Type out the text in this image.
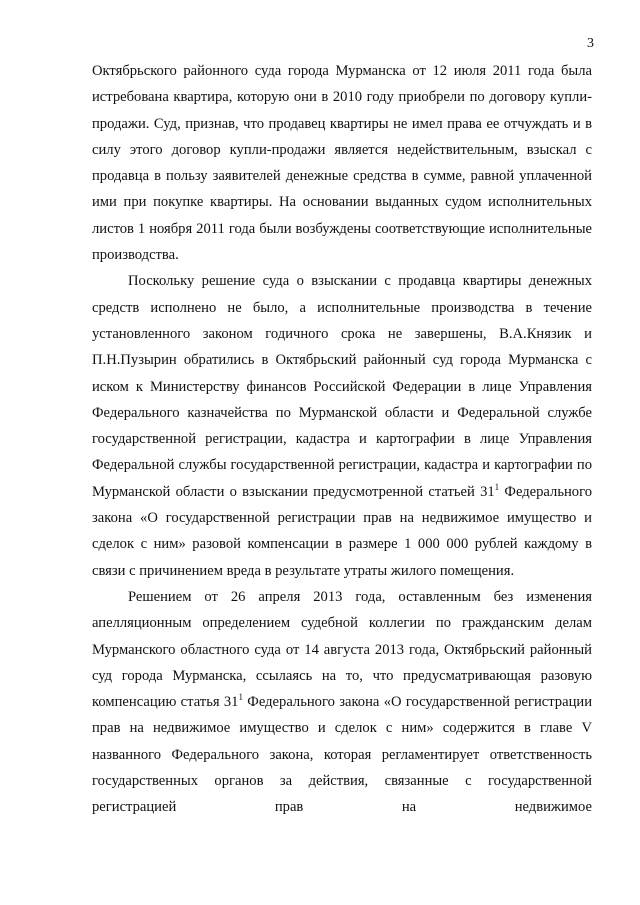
3

Октябрьского районного суда города Мурманска от 12 июля 2011 года была истребована квартира, которую они в 2010 году приобрели по договору купли-продажи. Суд, признав, что продавец квартиры не имел права ее отчуждать и в силу этого договор купли-продажи является недействительным, взыскал с продавца в пользу заявителей денежные средства в сумме, равной уплаченной ими при покупке квартиры. На основании выданных судом исполнительных листов 1 ноября 2011 года были возбуждены соответствующие исполнительные производства.

Поскольку решение суда о взыскании с продавца квартиры денежных средств исполнено не было, а исполнительные производства в течение установленного законом годичного срока не завершены, В.А.Князик и П.Н.Пузырин обратились в Октябрьский районный суд города Мурманска с иском к Министерству финансов Российской Федерации в лице Управления Федерального казначейства по Мурманской области и Федеральной службе государственной регистрации, кадастра и картографии в лице Управления Федеральной службы государственной регистрации, кадастра и картографии по Мурманской области о взыскании предусмотренной статьей $31^1$ Федерального закона «О государственной регистрации прав на недвижимое имущество и сделок с ним» разовой компенсации в размере 1 000 000 рублей каждому в связи с причинением вреда в результате утраты жилого помещения.

Решением от 26 апреля 2013 года, оставленным без изменения апелляционным определением судебной коллегии по гражданским делам Мурманского областного суда от 14 августа 2013 года, Октябрьский районный суд города Мурманска, ссылаясь на то, что предусматривающая разовую компенсацию статья $31^1$ Федерального закона «О государственной регистрации прав на недвижимое имущество и сделок с ним» содержится в главе V названного Федерального закона, которая регламентирует ответственность государственных органов за действия, связанные с государственной регистрацией прав на недвижимое
